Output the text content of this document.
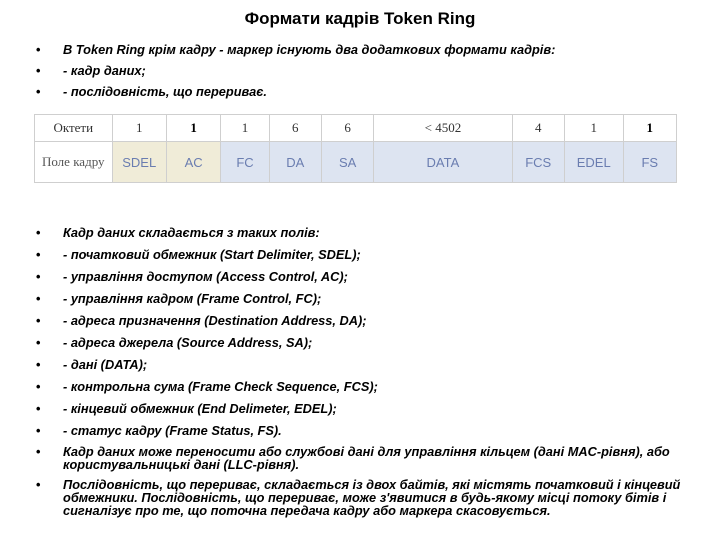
Формати кадрів Token Ring
• В Token Ring крім кадру - маркер існують два додаткових формати кадрів:
• - кадр даних;
• - послідовність, що перериває.
Октети	1	1	1	6	6	< 4502	4	1	1
Поле кадру	SDEL	AC	FC	DA	SA	DATA	FCS	EDEL	FS
• Кадр даних складається з таких полів:
• - початковий обмежник (Start Delimiter, SDEL);
• - управління доступом (Access Control, AC);
• - управління кадром (Frame Control, FC);
• - адреса призначення (Destination Address, DA);
• - адреса джерела (Source Address, SA);
• - дані (DATA);
• - контрольна сума (Frame Check Sequence, FCS);
• - кінцевий обмежник (End Delimeter, EDEL);
• - статус кадру (Frame Status, FS).
• Кадр даних може переносити або службові дані для управління кільцем (дані MAC-рівня), або користувальницькі дані (LLC-рівня).
• Послідовність, що перериває, складається із двох байтів, які містять початковий і кінцевий обмежники. Послідовність, що перериває, може з'явитися в будь-якому місці потоку бітів і сигналізує про те, що поточна передача кадру або маркера скасовується.
